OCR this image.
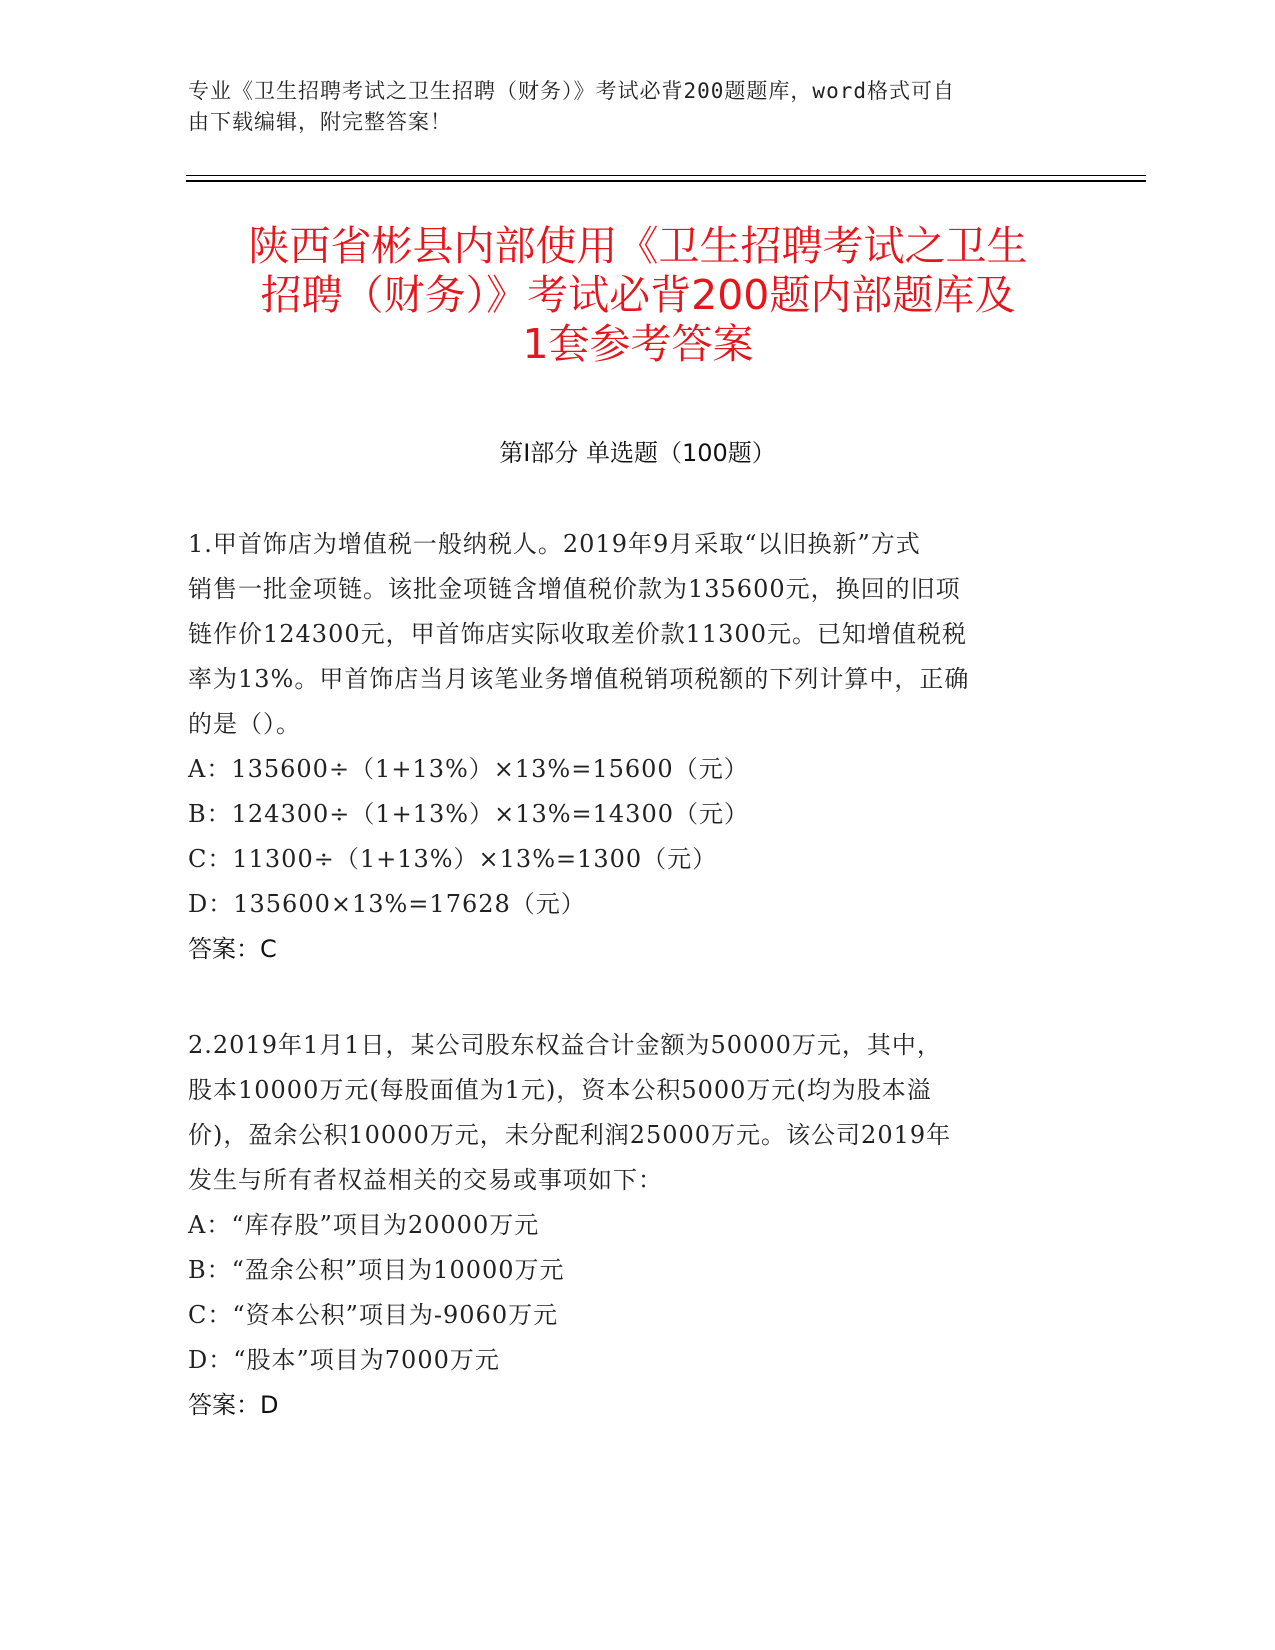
专业《卫生招聘考试之卫生招聘（财务）》考试必背200题题库，word格式可自
由下载编辑，附完整答案！
陕西省彬县内部使用《卫生招聘考试之卫生
招聘（财务）》考试必背200题内部题库及
1套参考答案
第Ⅰ部分 单选题（100题）
1.甲首饰店为增值税一般纳税人。2019年9月采取“以旧换新”方式
销售一批金项链。该批金项链含增值税价款为135600元，换回的旧项
链作价124300元，甲首饰店实际收取差价款11300元。已知增值税税
率为13%。甲首饰店当月该笔业务增值税销项税额的下列计算中，正确
的是（）。
A：135600÷（1+13%）×13%=15600（元）
B：124300÷（1+13%）×13%=14300（元）
C：11300÷（1+13%）×13%=1300（元）
D：135600×13%=17628（元）
答案：C
2.2019年1月1日，某公司股东权益合计金额为50000万元，其中，
股本10000万元(每股面值为1元)，资本公积5000万元(均为股本溢
价)，盈余公积10000万元，未分配利润25000万元。该公司2019年
发生与所有者权益相关的交易或事项如下：
A：“库存股”项目为20000万元
B：“盈余公积”项目为10000万元
C：“资本公积”项目为-9060万元
D：“股本”项目为7000万元
答案：D
